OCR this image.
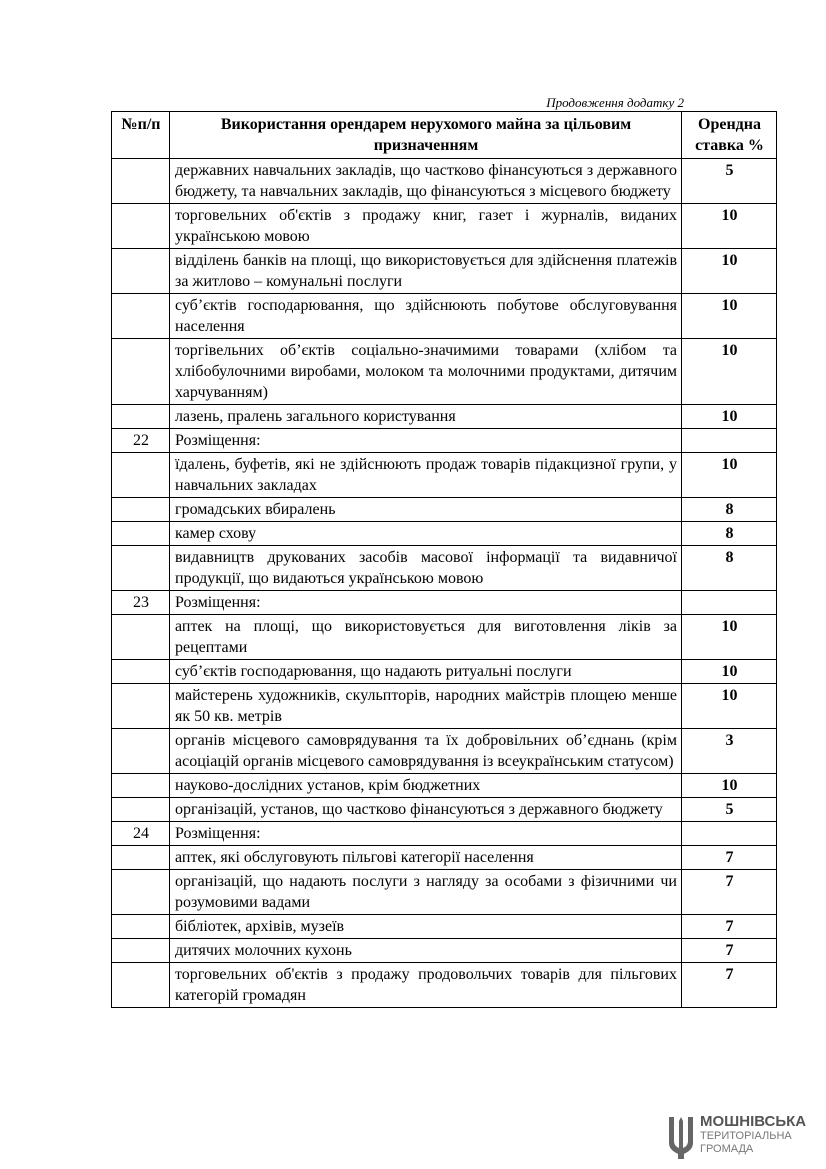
Продовження додатку 2
№п/п	Використання орендарем нерухомого майна за цільовим призначенням	Орендна ставка %
	державних навчальних закладів, що частково фінансуються з державного бюджету, та навчальних закладів, що фінансуються з місцевого бюджету	5
	торговельних об'єктів з продажу книг, газет і журналів, виданих українською мовою	10
	відділень банків на площі, що використовується для здійснення платежів за житлово – комунальні послуги	10
	суб’єктів господарювання, що здійснюють побутове обслуговування населення	10
	торгівельних об’єктів соціально-значимими товарами (хлібом та хлібобулочними виробами, молоком та молочними продуктами, дитячим харчуванням)	10
	лазень, пралень загального користування	10
22	Розміщення:	
	їдалень, буфетів, які не здійснюють продаж товарів підакцизної групи, у навчальних закладах	10
	громадських вбиралень	8
	камер схову	8
	видавництв друкованих засобів масової інформації та видавничої продукції, що видаються українською мовою	8
23	Розміщення:	
	аптек на площі, що використовується для виготовлення ліків за рецептами	10
	суб’єктів господарювання, що надають ритуальні послуги	10
	майстерень художників, скульпторів, народних майстрів площею менше як 50 кв. метрів	10
	органів місцевого самоврядування та їх добровільних об’єднань (крім асоціацій органів місцевого самоврядування із всеукраїнським статусом)	3
	науково-дослідних установ, крім бюджетних	10
	організацій, установ, що частково фінансуються з державного бюджету	5
24	Розміщення:	
	аптек, які обслуговують пільгові категорії населення	7
	організацій, що надають послуги з нагляду за особами з фізичними чи розумовими вадами	7
	бібліотек, архівів, музеїв	7
	дитячих молочних кухонь	7
	торговельних об'єктів з продажу продовольчих товарів для пільгових категорій громадян	7
МОШНІВСЬКА
ТЕРИТОРІАЛЬНА
ГРОМАДА
